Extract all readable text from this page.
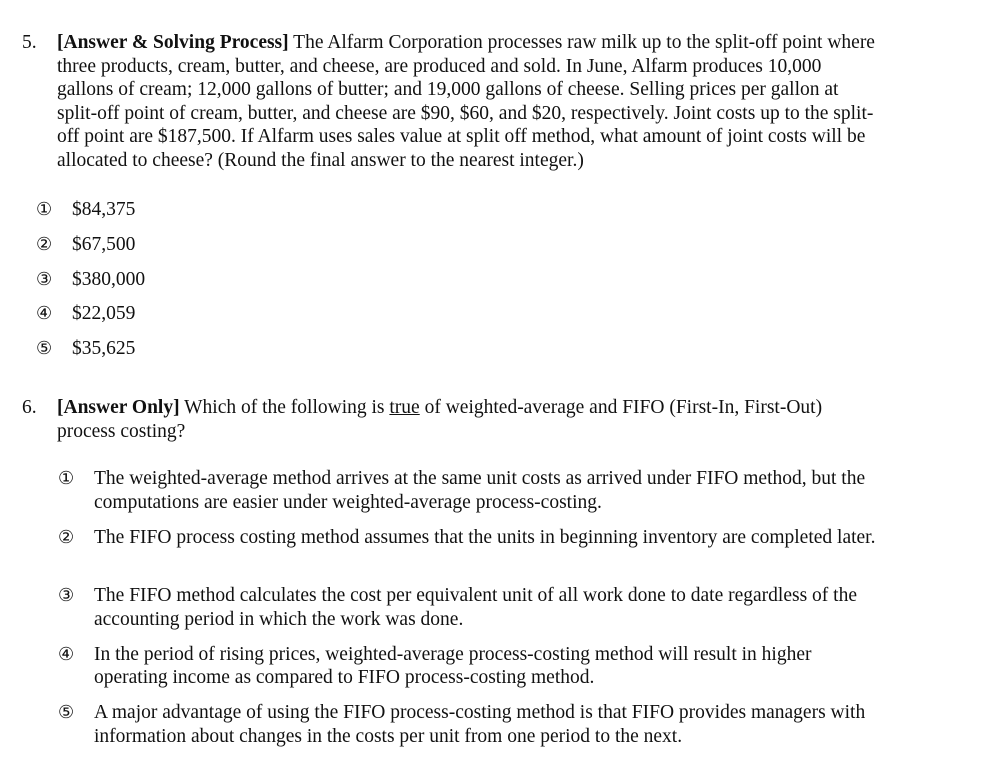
5.	[Answer & Solving Process] The Alfarm Corporation processes raw milk up to the split-off point where three products, cream, butter, and cheese, are produced and sold. In June, Alfarm produces 10,000 gallons of cream; 12,000 gallons of butter; and 19,000 gallons of cheese. Selling prices per gallon at split-off point of cream, butter, and cheese are $90, $60, and $20, respectively. Joint costs up to the split-off point are $187,500. If Alfarm uses sales value at split off method, what amount of joint costs will be allocated to cheese? (Round the final answer to the nearest integer.)
①	$84,375
②	$67,500
③	$380,000
④	$22,059
⑤	$35,625
6.	[Answer Only] Which of the following is true of weighted-average and FIFO (First-In, First-Out) process costing?
①	The weighted-average method arrives at the same unit costs as arrived under FIFO method, but the computations are easier under weighted-average process-costing.
②	The FIFO process costing method assumes that the units in beginning inventory are completed later.
③	The FIFO method calculates the cost per equivalent unit of all work done to date regardless of the accounting period in which the work was done.
④	In the period of rising prices, weighted-average process-costing method will result in higher operating income as compared to FIFO process-costing method.
⑤	A major advantage of using the FIFO process-costing method is that FIFO provides managers with information about changes in the costs per unit from one period to the next.
